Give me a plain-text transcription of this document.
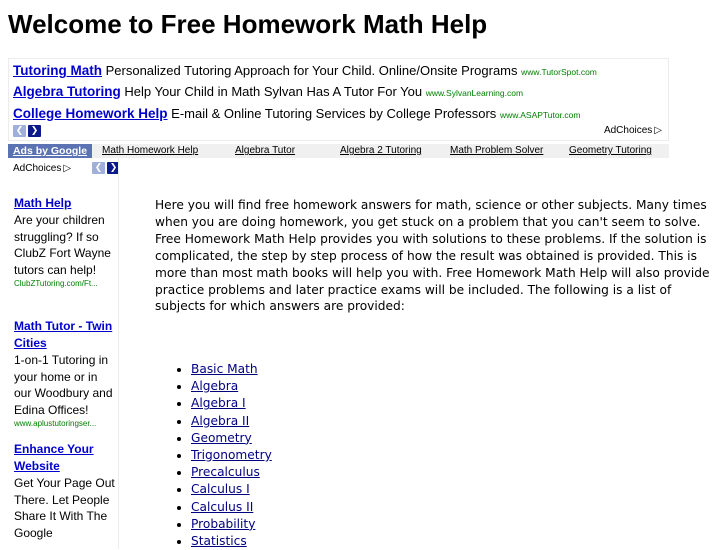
Welcome to Free Homework Math Help
Tutoring Math Personalized Tutoring Approach for Your Child. Online/Onsite Programs www.TutorSpot.com
Algebra Tutoring Help Your Child in Math Sylvan Has A Tutor For You www.SylvanLearning.com
College Homework Help E-mail & Online Tutoring Services by College Professors www.ASAPTutor.com
❮ ❯	AdChoices ▷
Ads by Google	Math Homework Help	Algebra Tutor	Algebra 2 Tutoring	Math Problem Solver	Geometry Tutoring
AdChoices ▷	❮ ❯
Math Help
Are your children struggling? If so ClubZ Fort Wayne tutors can help!
ClubZTutoring.com/Ft...
Math Tutor - Twin Cities
1-on-1 Tutoring in your home or in our Woodbury and Edina Offices!
www.aplustutoringser...
Enhance Your Website
Get Your Page Out There. Let People Share It With The Google

Here you will find free homework answers for math, science or other subjects. Many times when you are doing homework, you get stuck on a problem that you can't seem to solve. Free Homework Math Help provides you with solutions to these problems. If the solution is complicated, the step by step process of how the result was obtained is provided. This is more than most math books will help you with. Free Homework Math Help will also provide practice problems and later practice exams will be included. The following is a list of subjects for which answers are provided:

• Basic Math
• Algebra
• Algebra I
• Algebra II
• Geometry
• Trigonometry
• Precalculus
• Calculus I
• Calculus II
• Probability
• Statistics
